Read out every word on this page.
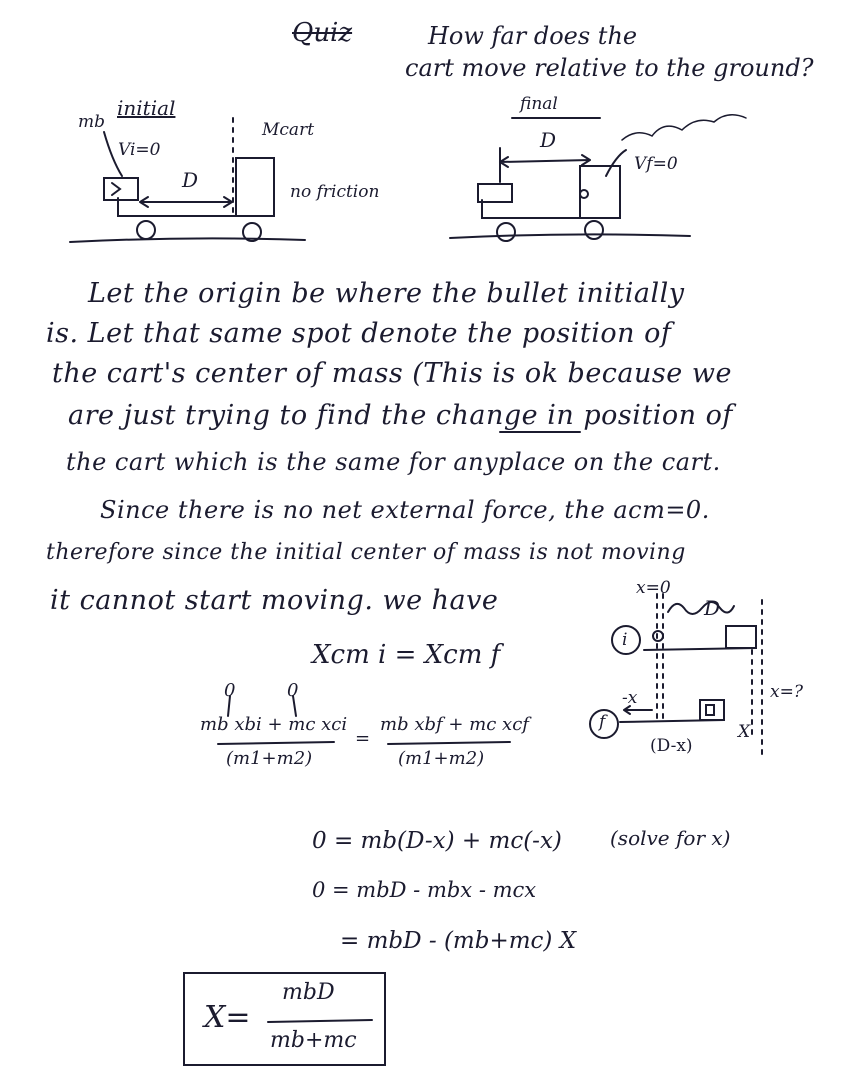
Quiz	How far does the
cart move relative to the ground?
mb
initial
Vi=0
D
Mcart
no friction
final
D
Vf=0
Let the origin be where the bullet initially
is. Let that same spot denote the position of
the cart's center of mass (This is ok because we
are just trying to find the change in position of
the cart which is the same for anyplace on the cart.
Since there is no net external force, the acm=0.
therefore since the initial center of mass is not moving
it cannot start moving. we have	x=0
D
i
f
-x	x=?
(D-x)
X
Xcm i = Xcm f
0	0
mb xbi + mc xci
(m1+m2)
=
mb xbf + mc xcf
(m1+m2)
0 = mb(D-x) + mc(-x) (solve for x)
0 = mbD - mbx - mcx
= mbD - (mb+mc) X
X=
mbD
mb+mc
